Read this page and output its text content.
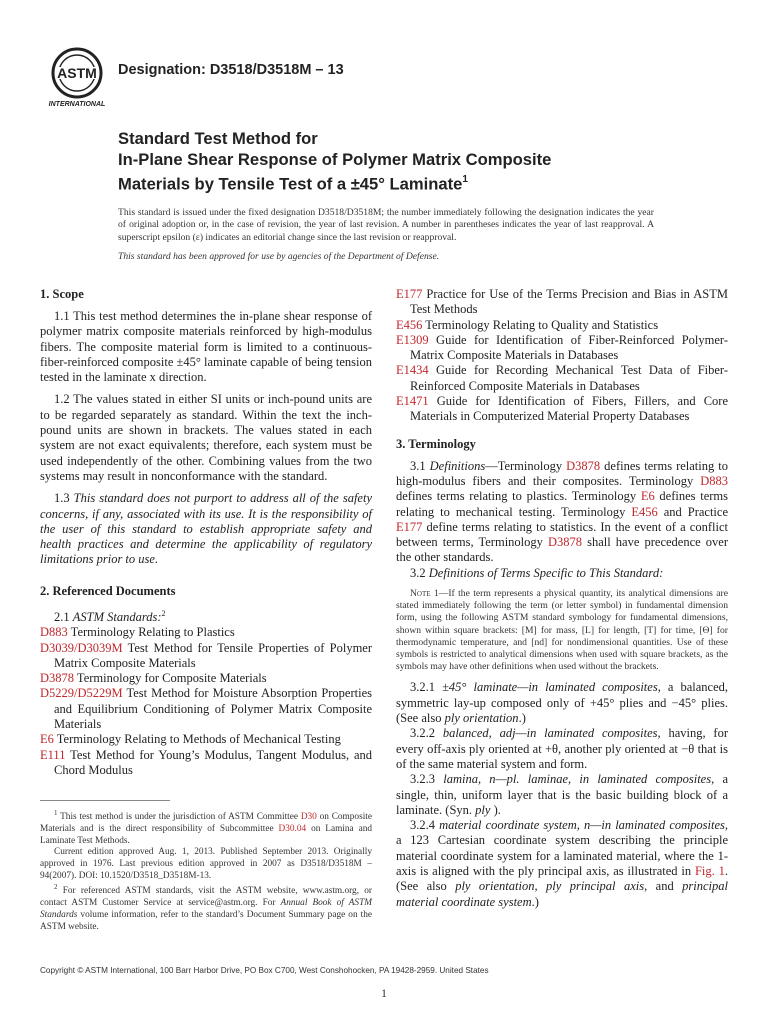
ASTM
INTERNATIONAL
Designation: D3518/D3518M – 13
Standard Test Method for
In-Plane Shear Response of Polymer Matrix Composite
Materials by Tensile Test of a ±45° Laminate$^1$

This standard is issued under the fixed designation D3518/D3518M; the number immediately following the designation indicates the year of original adoption or, in the case of revision, the year of last revision. A number in parentheses indicates the year of last reapproval. A superscript epsilon (ε) indicates an editorial change since the last revision or reapproval.

This standard has been approved for use by agencies of the Department of Defense.

1. Scope

1.1 This test method determines the in-plane shear response of polymer matrix composite materials reinforced by high-modulus fibers. The composite material form is limited to a continuous-fiber-reinforced composite ±45° laminate capable of being tension tested in the laminate x direction.

1.2 The values stated in either SI units or inch-pound units are to be regarded separately as standard. Within the text the inch-pound units are shown in brackets. The values stated in each system are not exact equivalents; therefore, each system must be used independently of the other. Combining values from the two systems may result in nonconformance with the standard.

1.3 This standard does not purport to address all of the safety concerns, if any, associated with its use. It is the responsibility of the user of this standard to establish appropriate safety and health practices and determine the applicability of regulatory limitations prior to use.

2. Referenced Documents

2.1 ASTM Standards:$^2$

D883 Terminology Relating to Plastics
D3039/D3039M Test Method for Tensile Properties of Polymer Matrix Composite Materials
D3878 Terminology for Composite Materials
D5229/D5229M Test Method for Moisture Absorption Properties and Equilibrium Conditioning of Polymer Matrix Composite Materials
E6 Terminology Relating to Methods of Mechanical Testing
E111 Test Method for Young’s Modulus, Tangent Modulus, and Chord Modulus
E177 Practice for Use of the Terms Precision and Bias in ASTM Test Methods
E456 Terminology Relating to Quality and Statistics
E1309 Guide for Identification of Fiber-Reinforced Polymer-Matrix Composite Materials in Databases
E1434 Guide for Recording Mechanical Test Data of Fiber-Reinforced Composite Materials in Databases
E1471 Guide for Identification of Fibers, Fillers, and Core Materials in Computerized Material Property Databases
3. Terminology

3.1 Definitions—Terminology D3878 defines terms relating to high-modulus fibers and their composites. Terminology D883 defines terms relating to plastics. Terminology E6 defines terms relating to mechanical testing. Terminology E456 and Practice E177 define terms relating to statistics. In the event of a conflict between terms, Terminology D3878 shall have precedence over the other standards.

3.2 Definitions of Terms Specific to This Standard:

Note 1—If the term represents a physical quantity, its analytical dimensions are stated immediately following the term (or letter symbol) in fundamental dimension form, using the following ASTM standard symbology for fundamental dimensions, shown within square brackets: [M] for mass, [L] for length, [T] for time, [Θ] for thermodynamic temperature, and [nd] for nondimensional quantities. Use of these symbols is restricted to analytical dimensions when used with square brackets, as the symbols may have other definitions when used without the brackets.

3.2.1 ±45° laminate—in laminated composites, a balanced, symmetric lay-up composed only of +45° plies and −45° plies. (See also ply orientation.)

3.2.2 balanced, adj—in laminated composites, having, for every off-axis ply oriented at +θ, another ply oriented at −θ that is of the same material system and form.

3.2.3 lamina, n—pl. laminae, in laminated composites, a single, thin, uniform layer that is the basic building block of a laminate. (Syn. ply ).

3.2.4 material coordinate system, n—in laminated composites, a 123 Cartesian coordinate system describing the principle material coordinate system for a laminated material, where the 1-axis is aligned with the ply principal axis, as illustrated in Fig. 1. (See also ply orientation, ply principal axis, and principal material coordinate system.)

$^1$ This test method is under the jurisdiction of ASTM Committee D30 on Composite Materials and is the direct responsibility of Subcommittee D30.04 on Lamina and Laminate Test Methods.

Current edition approved Aug. 1, 2013. Published September 2013. Originally approved in 1976. Last previous edition approved in 2007 as D3518/D3518M – 94(2007). DOI: 10.1520/D3518_D3518M-13.

$^2$ For referenced ASTM standards, visit the ASTM website, www.astm.org, or contact ASTM Customer Service at service@astm.org. For Annual Book of ASTM Standards volume information, refer to the standard’s Document Summary page on the ASTM website.

Copyright © ASTM International, 100 Barr Harbor Drive, PO Box C700, West Conshohocken, PA 19428-2959. United States
1
